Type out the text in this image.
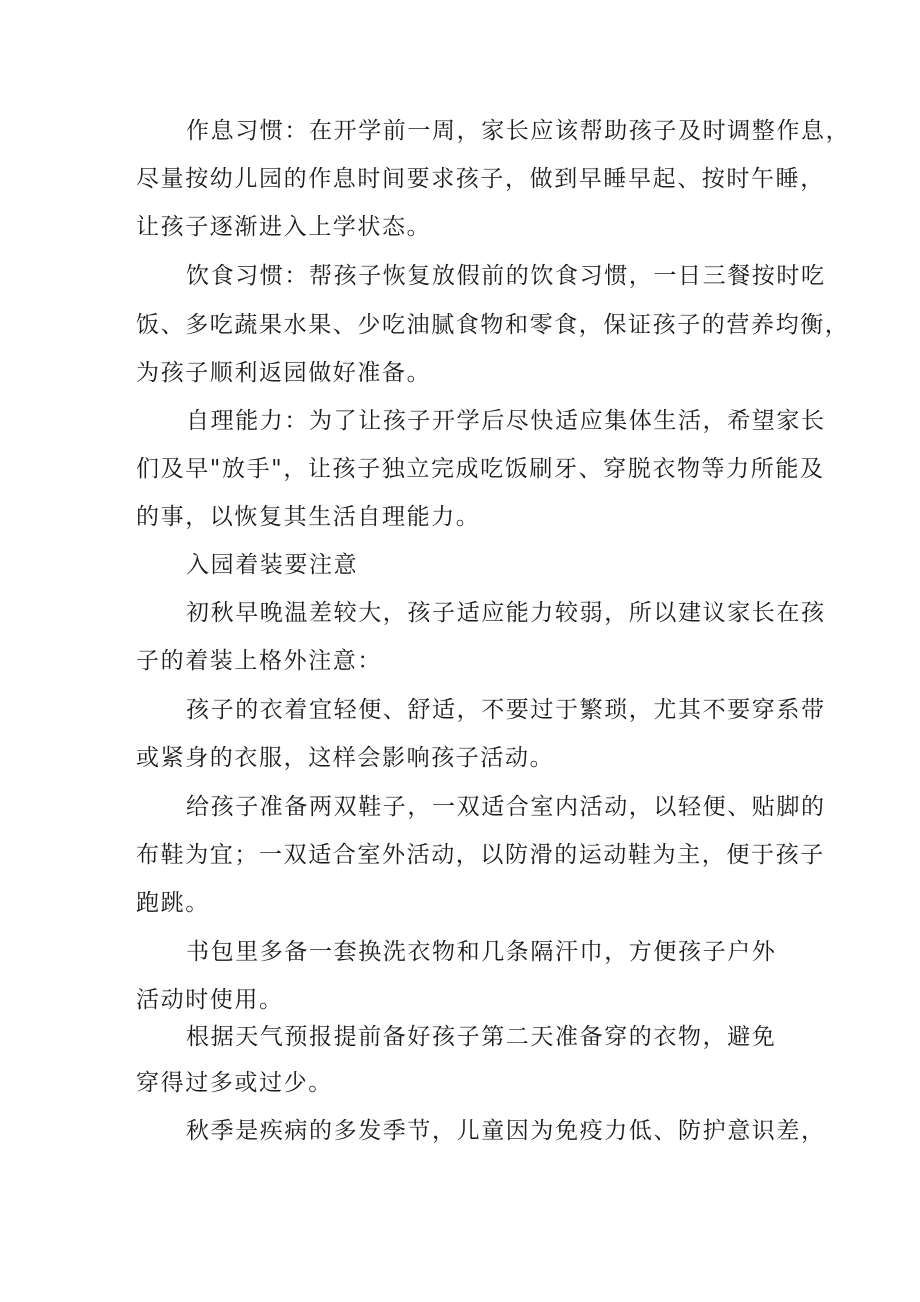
作息习惯：在开学前一周，家长应该帮助孩子及时调整作息，

尽量按幼儿园的作息时间要求孩子，做到早睡早起、按时午睡，

让孩子逐渐进入上学状态。

饮食习惯：帮孩子恢复放假前的饮食习惯，一日三餐按时吃

饭、多吃蔬果水果、少吃油腻食物和零食，保证孩子的营养均衡，

为孩子顺利返园做好准备。

自理能力：为了让孩子开学后尽快适应集体生活，希望家长

们及早"放手"，让孩子独立完成吃饭刷牙、穿脱衣物等力所能及

的事，以恢复其生活自理能力。

入园着装要注意

初秋早晚温差较大，孩子适应能力较弱，所以建议家长在孩

子的着装上格外注意：

孩子的衣着宜轻便、舒适，不要过于繁琐，尤其不要穿系带

或紧身的衣服，这样会影响孩子活动。

给孩子准备两双鞋子，一双适合室内活动，以轻便、贴脚的

布鞋为宜；一双适合室外活动，以防滑的运动鞋为主，便于孩子

跑跳。

书包里多备一套换洗衣物和几条隔汗巾，方便孩子户外

活动时使用。

根据天气预报提前备好孩子第二天准备穿的衣物，避免

穿得过多或过少。

秋季是疾病的多发季节，儿童因为免疫力低、防护意识差，
